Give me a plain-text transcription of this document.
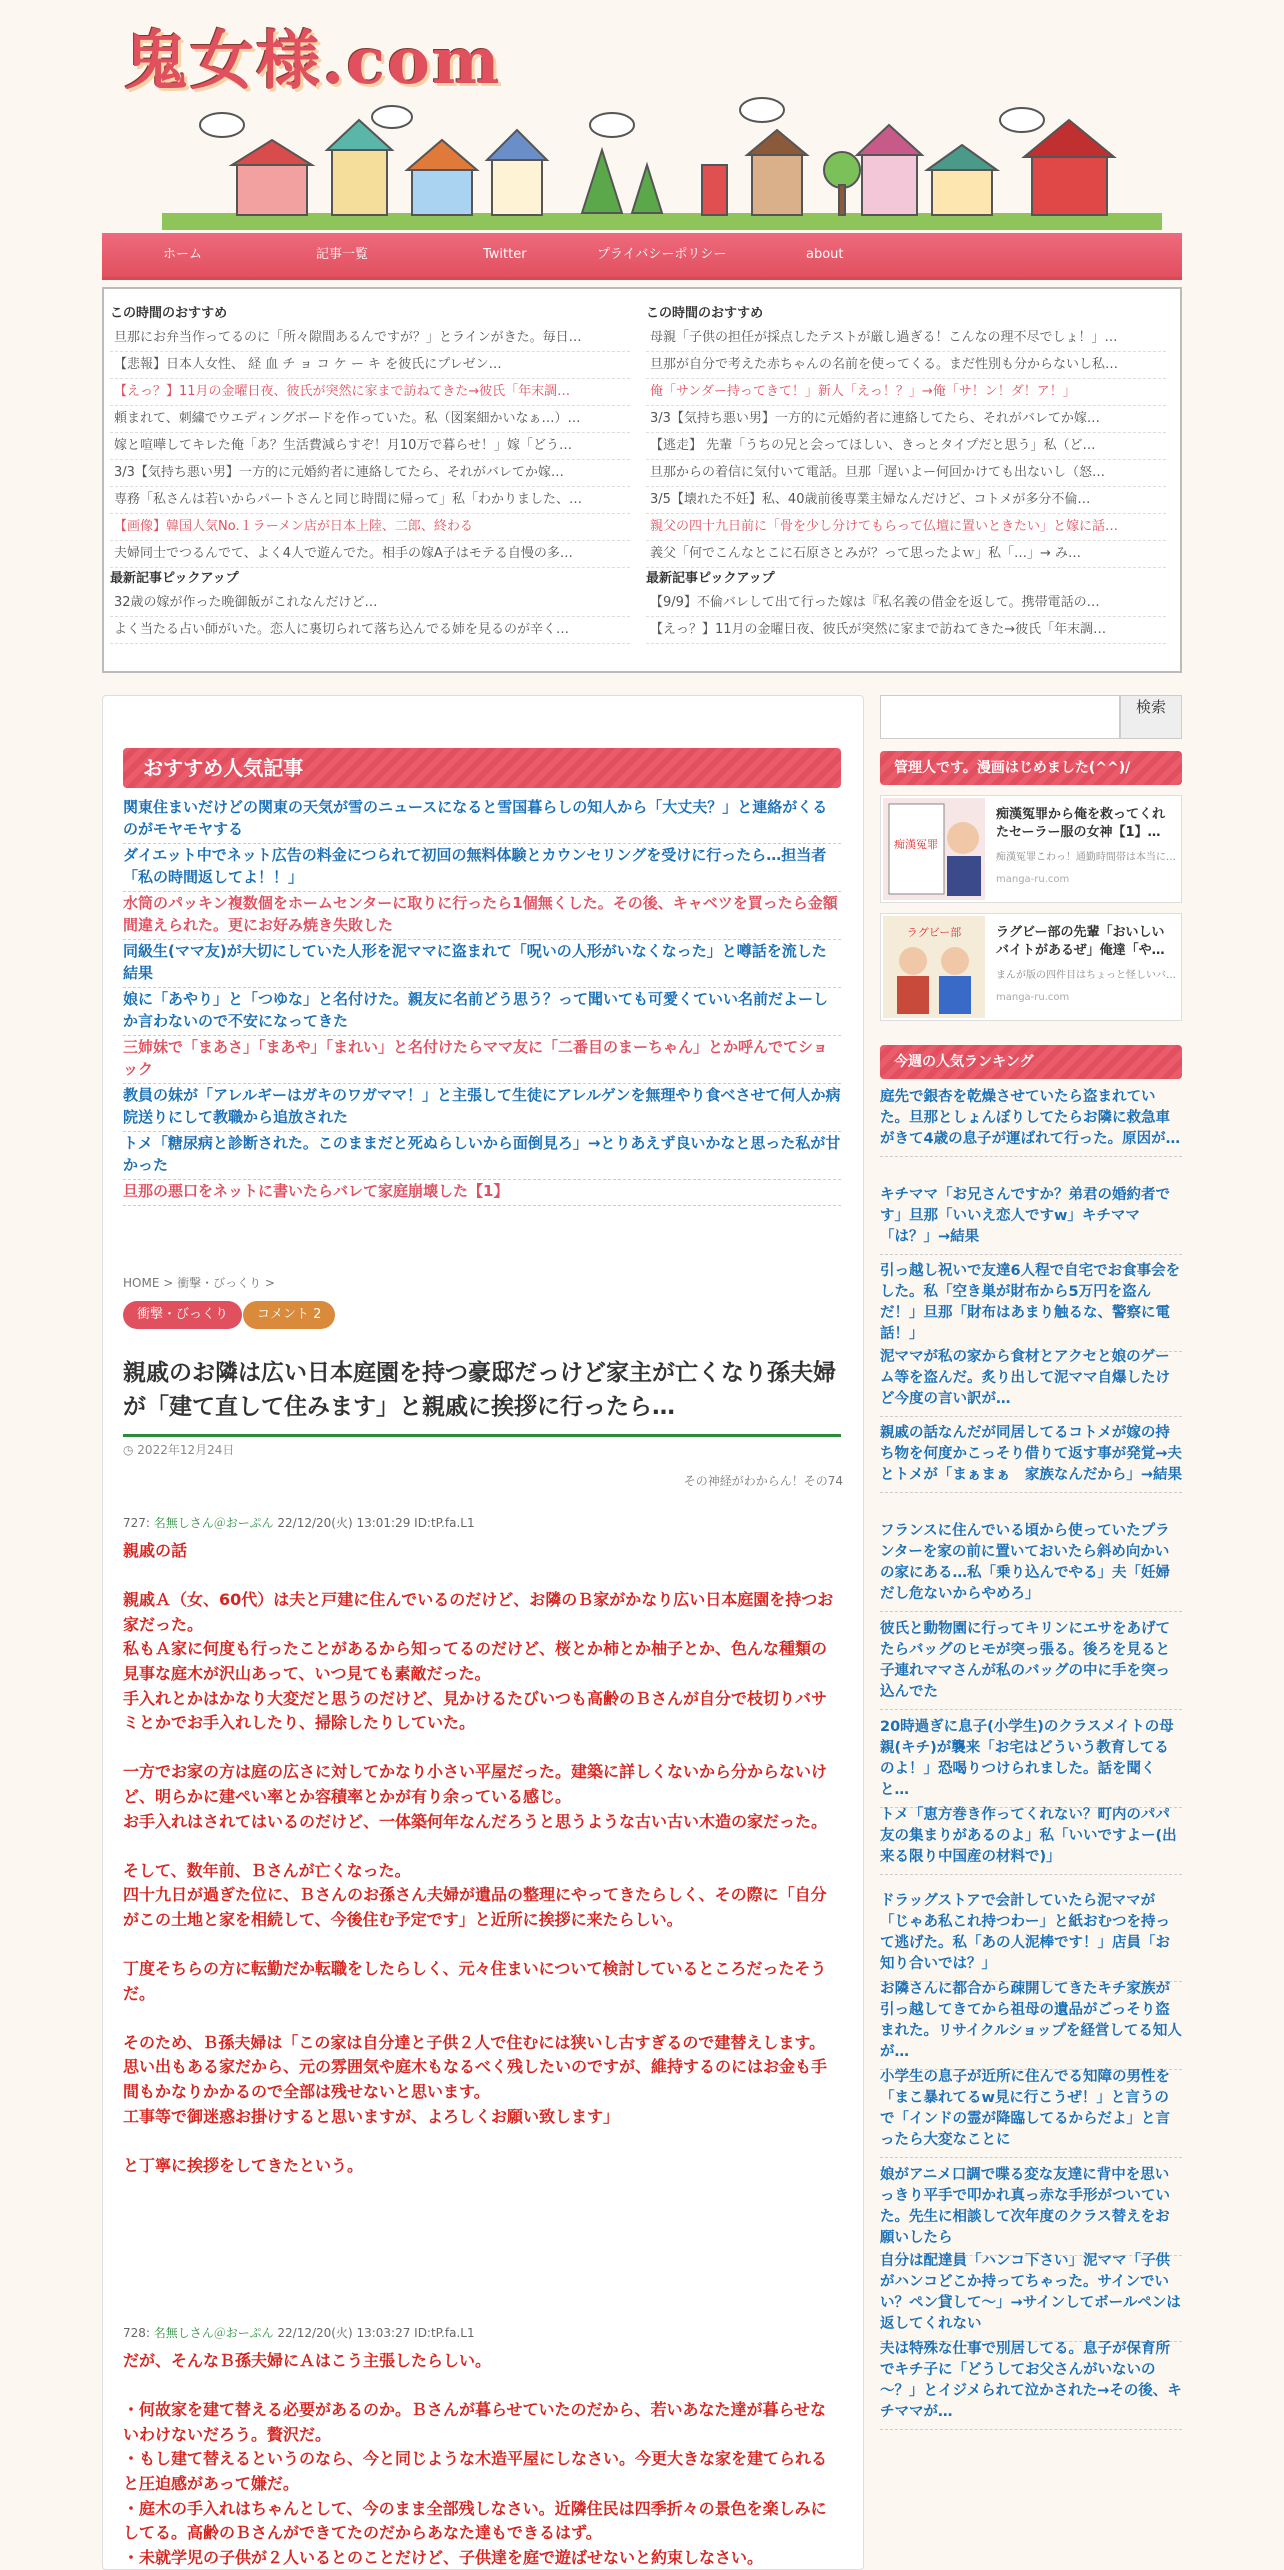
鬼女様.com
ホーム	記事一覧	Twitter	プライバシーポリシー	about
この時間のおすすめ
旦那にお弁当作ってるのに「所々隙間あるんですが？」とラインがきた。毎日…
【悲報】日本人女性、 経 血 チ ョ コ ケ ー キ を彼氏にプレゼン…
【えっ？】11月の金曜日夜、彼氏が突然に家まで訪ねてきた→彼氏「年末調…
頼まれて、刺繍でウエディングボードを作っていた。私（図案細かいなぁ…）…
嫁と喧嘩してキレた俺「あ？生活費減らすぞ！月10万で暮らせ！」嫁「どう…
3/3【気持ち悪い男】一方的に元婚約者に連絡してたら、それがバレてか嫁…
専務「私さんは若いからパートさんと同じ時間に帰って」私「わかりました、…
【画像】韓国人気No.１ラーメン店が日本上陸、二郎、終わる
夫婦同士でつるんでて、よく4人で遊んでた。相手の嫁A子はモテる自慢の多…
最新記事ピックアップ
32歳の嫁が作った晩御飯がこれなんだけど…
よく当たる占い師がいた。恋人に裏切られて落ち込んでる姉を見るのが辛く…
この時間のおすすめ
母親「子供の担任が採点したテストが厳し過ぎる！こんなの理不尽でしょ！」…
旦那が自分で考えた赤ちゃんの名前を使ってくる。まだ性別も分からないし私…
俺「サンダー持ってきて！」新人「えっ！？」→俺「サ！ン！ダ！ア！」
3/3【気持ち悪い男】一方的に元婚約者に連絡してたら、それがバレてか嫁…
【逃走】 先輩「うちの兄と会ってほしい、きっとタイプだと思う」私（ど…
旦那からの着信に気付いて電話。旦那「遅いよー何回かけても出ないし（怒…
3/5【壊れた不妊】私、40歳前後専業主婦なんだけど、コトメが多分不倫…
親父の四十九日前に「骨を少し分けてもらって仏壇に置いときたい」と嫁に話…
義父「何でこんなとこに石原さとみが？って思ったよｗ」私「…」→ み…
最新記事ピックアップ
【9/9】不倫バレして出て行った嫁は『私名義の借金を返して。携帯電話の…
【えっ？】11月の金曜日夜、彼氏が突然に家まで訪ねてきた→彼氏「年末調…
おすすめ人気記事
関東住まいだけどの関東の天気が雪のニュースになると雪国暮らしの知人から「大丈夫？」と連絡がくるのがモヤモヤする
ダイエット中でネット広告の料金につられて初回の無料体験とカウンセリングを受けに行ったら…担当者「私の時間返してよ！！」
水筒のパッキン複数個をホームセンターに取りに行ったら1個無くした。その後、キャベツを買ったら金額間違えられた。更にお好み焼き失敗した
同級生(ママ友)が大切にしていた人形を泥ママに盗まれて「呪いの人形がいなくなった」と噂話を流した結果
娘に「あやり」と「つゆな」と名付けた。親友に名前どう思う？って聞いても可愛くていい名前だよーしか言わないので不安になってきた
三姉妹で「まあさ」「まあや」「まれい」と名付けたらママ友に「二番目のまーちゃん」とか呼んでてショック
教員の妹が「アレルギーはガキのワガママ！」と主張して生徒にアレルゲンを無理やり食べさせて何人か病院送りにして教職から追放された
トメ「糖尿病と診断された。このままだと死ぬらしいから面倒見ろ」→とりあえず良いかなと思った私が甘かった
旦那の悪口をネットに書いたらバレて家庭崩壊した【1】
HOME > 衝撃・びっくり >
衝撃・びっくり	コメント 2
親戚のお隣は広い日本庭園を持つ豪邸だっけど家主が亡くなり孫夫婦が「建て直して住みます」と親戚に挨拶に行ったら…
◷ 2022年12月24日
その神経がわからん！その74
727: 名無しさん＠おーぷん 22/12/20(火) 13:01:29 ID:tP.fa.L1
親戚の話

親戚Ａ（女、60代）は夫と戸建に住んでいるのだけど、お隣のＢ家がかなり広い日本庭園を持つお家だった。
私もＡ家に何度も行ったことがあるから知ってるのだけど、桜とか柿とか柚子とか、色んな種類の見事な庭木が沢山あって、いつ見ても素敵だった。
手入れとかはかなり大変だと思うのだけど、見かけるたびいつも高齢のＢさんが自分で枝切りバサミとかでお手入れしたり、掃除したりしていた。

一方でお家の方は庭の広さに対してかなり小さい平屋だった。建築に詳しくないから分からないけど、明らかに建ぺい率とか容積率とかが有り余っている感じ。
お手入れはされてはいるのだけど、一体築何年なんだろうと思うような古い古い木造の家だった。

そして、数年前、Ｂさんが亡くなった。
四十九日が過ぎた位に、Ｂさんのお孫さん夫婦が遺品の整理にやってきたらしく、その際に「自分がこの土地と家を相続して、今後住む予定です」と近所に挨拶に来たらしい。

丁度そちらの方に転勤だか転職をしたらしく、元々住まいについて検討しているところだったそうだ。

そのため、Ｂ孫夫婦は「この家は自分達と子供２人で住むには狭いし古すぎるので建替えします。
思い出もある家だから、元の雰囲気や庭木もなるべく残したいのですが、維持するのにはお金も手間もかなりかかるので全部は残せないと思います。
工事等で御迷惑お掛けすると思いますが、よろしくお願い致します」

と丁寧に挨拶をしてきたという。
728: 名無しさん＠おーぷん 22/12/20(火) 13:03:27 ID:tP.fa.L1
だが、そんなＢ孫夫婦にＡはこう主張したらしい。

・何故家を建て替える必要があるのか。Ｂさんが暮らせていたのだから、若いあなた達が暮らせないわけないだろう。贅沢だ。
・もし建て替えるというのなら、今と同じような木造平屋にしなさい。今更大きな家を建てられると圧迫感があって嫌だ。
・庭木の手入れはちゃんとして、今のまま全部残しなさい。近隣住民は四季折々の景色を楽しみにしてる。高齢のＢさんができてたのだからあなた達もできるはず。
・未就学児の子供が２人いるとのことだけど、子供達を庭で遊ばせないと約束しなさい。
検索
管理人です。漫画はじめました(^^)/
痴漢冤罪
痴漢冤罪から俺を救ってくれたセーラー服の女神【1】…
痴漢冤罪こわっ！通勤時間帯は本当に…
manga-ru.com
ラグビー部	ラグビー部の先輩「おいしいバイトがあるぜ」俺達「や…
まんが版の四件目はちょっと怪しいバ…
manga-ru.com
今週の人気ランキング
庭先で銀杏を乾燥させていたら盗まれていた。旦那としょんぼりしてたらお隣に救急車がきて4歳の息子が運ばれて行った。原因が…
キチママ「お兄さんですか？弟君の婚約者です」旦那「いいえ恋人ですw」キチママ「は？」→結果
引っ越し祝いで友達6人程で自宅でお食事会をした。私「空き巣が財布から5万円を盗んだ！」旦那「財布はあまり触るな、警察に電話！」
泥ママが私の家から食材とアクセと娘のゲーム等を盗んだ。炙り出して泥ママ自爆したけど今度の言い訳が…
親戚の話なんだが同居してるコトメが嫁の持ち物を何度かこっそり借りて返す事が発覚→夫とトメが「まぁまぁ　家族なんだから」→結果
フランスに住んでいる頃から使っていたプランターを家の前に置いておいたら斜め向かいの家にある…私「乗り込んでやる」夫「妊婦だし危ないからやめろ」
彼氏と動物園に行ってキリンにエサをあげてたらバッグのヒモが突っ張る。後ろを見ると子連れママさんが私のバッグの中に手を突っ込んでた
20時過ぎに息子(小学生)のクラスメイトの母親(キチ)が襲来「お宅はどういう教育してるのよ！」恐喝りつけられました。話を聞くと…
トメ「恵方巻き作ってくれない？町内のパパ友の集まりがあるのよ」私「いいですよー(出来る限り中国産の材料で)」
ドラッグストアで会計していたら泥ママが「じゃあ私これ持つわー」と紙おむつを持って逃げた。私「あの人泥棒です！」店員「お知り合いでは？」
お隣さんに都合から疎開してきたキチ家族が引っ越してきてから祖母の遺品がごっそり盗まれた。リサイクルショップを経営してる知人が…
小学生の息子が近所に住んでる知障の男性を「まこ暴れてるw見に行こうぜ！」と言うので「インドの霊が降臨してるからだよ」と言ったら大変なことに
娘がアニメ口調で喋る変な友達に背中を思いっきり平手で叩かれ真っ赤な手形がついていた。先生に相談して次年度のクラス替えをお願いしたら
自分は配達員「ハンコ下さい」泥ママ「子供がハンコどこか持ってちゃった。サインでいい？ペン貸して～」→サインしてボールペンは返してくれない
夫は特殊な仕事で別居してる。息子が保育所でキチ子に「どうしてお父さんがいないの～？」とイジメられて泣かされた→その後、キチママが…
